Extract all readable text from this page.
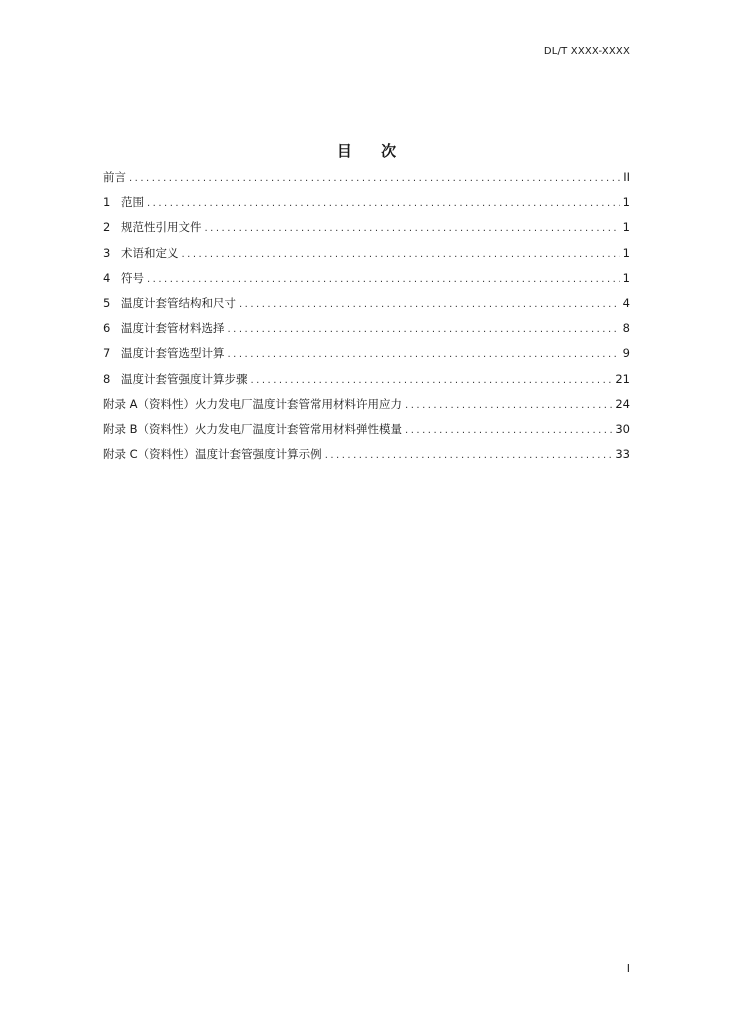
DL/T XXXX-XXXX
目 次
前言 .....	II
1 范围 .....	1
2 规范性引用文件 .....	1
3 术语和定义 .....	1
4 符号 .....	1
5 温度计套管结构和尺寸 .....	4
6 温度计套管材料选择 .....	8
7 温度计套管选型计算 .....	9
8 温度计套管强度计算步骤 .....	21
附录 A（资料性）火力发电厂温度计套管常用材料许用应力 .....	24
附录 B（资料性）火力发电厂温度计套管常用材料弹性模量 .....	30
附录 C（资料性）温度计套管强度计算示例 .....	33
I
